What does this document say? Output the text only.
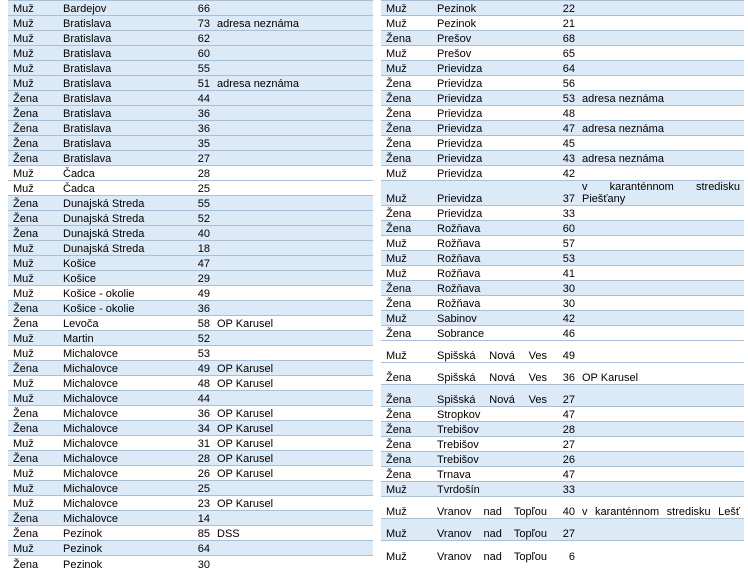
Muž	Bardejov	66	
Muž	Bratislava	73	adresa neznáma
Muž	Bratislava	62	
Muž	Bratislava	60	
Muž	Bratislava	55	
Muž	Bratislava	51	adresa neznáma
Žena	Bratislava	44	
Žena	Bratislava	36	
Žena	Bratislava	36	
Žena	Bratislava	35	
Žena	Bratislava	27	
Muž	Čadca	28	
Muž	Čadca	25	
Žena	Dunajská Streda	55	
Žena	Dunajská Streda	52	
Žena	Dunajská Streda	40	
Muž	Dunajská Streda	18	
Muž	Košice	47	
Muž	Košice	29	
Muž	Košice - okolie	49	
Žena	Košice - okolie	36	
Žena	Levoča	58	OP Karusel
Muž	Martin	52	
Muž	Michalovce	53	
Žena	Michalovce	49	OP Karusel
Muž	Michalovce	48	OP Karusel
Muž	Michalovce	44	
Žena	Michalovce	36	OP Karusel
Žena	Michalovce	34	OP Karusel
Muž	Michalovce	31	OP Karusel
Žena	Michalovce	28	OP Karusel
Muž	Michalovce	26	OP Karusel
Muž	Michalovce	25	
Muž	Michalovce	23	OP Karusel
Žena	Michalovce	14	
Žena	Pezinok	85	DSS
Muž	Pezinok	64	
Žena	Pezinok	30	
Muž	Pezinok	22	
Muž	Pezinok	21	
Žena	Prešov	68	
Muž	Prešov	65	
Muž	Prievidza	64	
Žena	Prievidza	56	
Žena	Prievidza	53	adresa neznáma
Žena	Prievidza	48	
Žena	Prievidza	47	adresa neznáma
Žena	Prievidza	45	
Žena	Prievidza	43	adresa neznáma
Muž	Prievidza	42	
Muž	Prievidza	37	v karanténnom stredisku Piešťany
Žena	Prievidza	33	
Žena	Rožňava	60	
Muž	Rožňava	57	
Muž	Rožňava	53	
Muž	Rožňava	41	
Žena	Rožňava	30	
Žena	Rožňava	30	
Muž	Sabinov	42	
Žena	Sobrance	46	
Muž	Spišská Nová Ves	49	
Žena	Spišská Nová Ves	36	OP Karusel
Žena	Spišská Nová Ves	27	
Žena	Stropkov	47	
Žena	Trebišov	28	
Žena	Trebišov	27	
Žena	Trebišov	26	
Žena	Trnava	47	
Muž	Tvrdošín	33	
Muž	Vranov nad Topľou	40	v karanténnom stredisku Lešť
Muž	Vranov nad Topľou	27	
Muž	Vranov nad Topľou	6	
